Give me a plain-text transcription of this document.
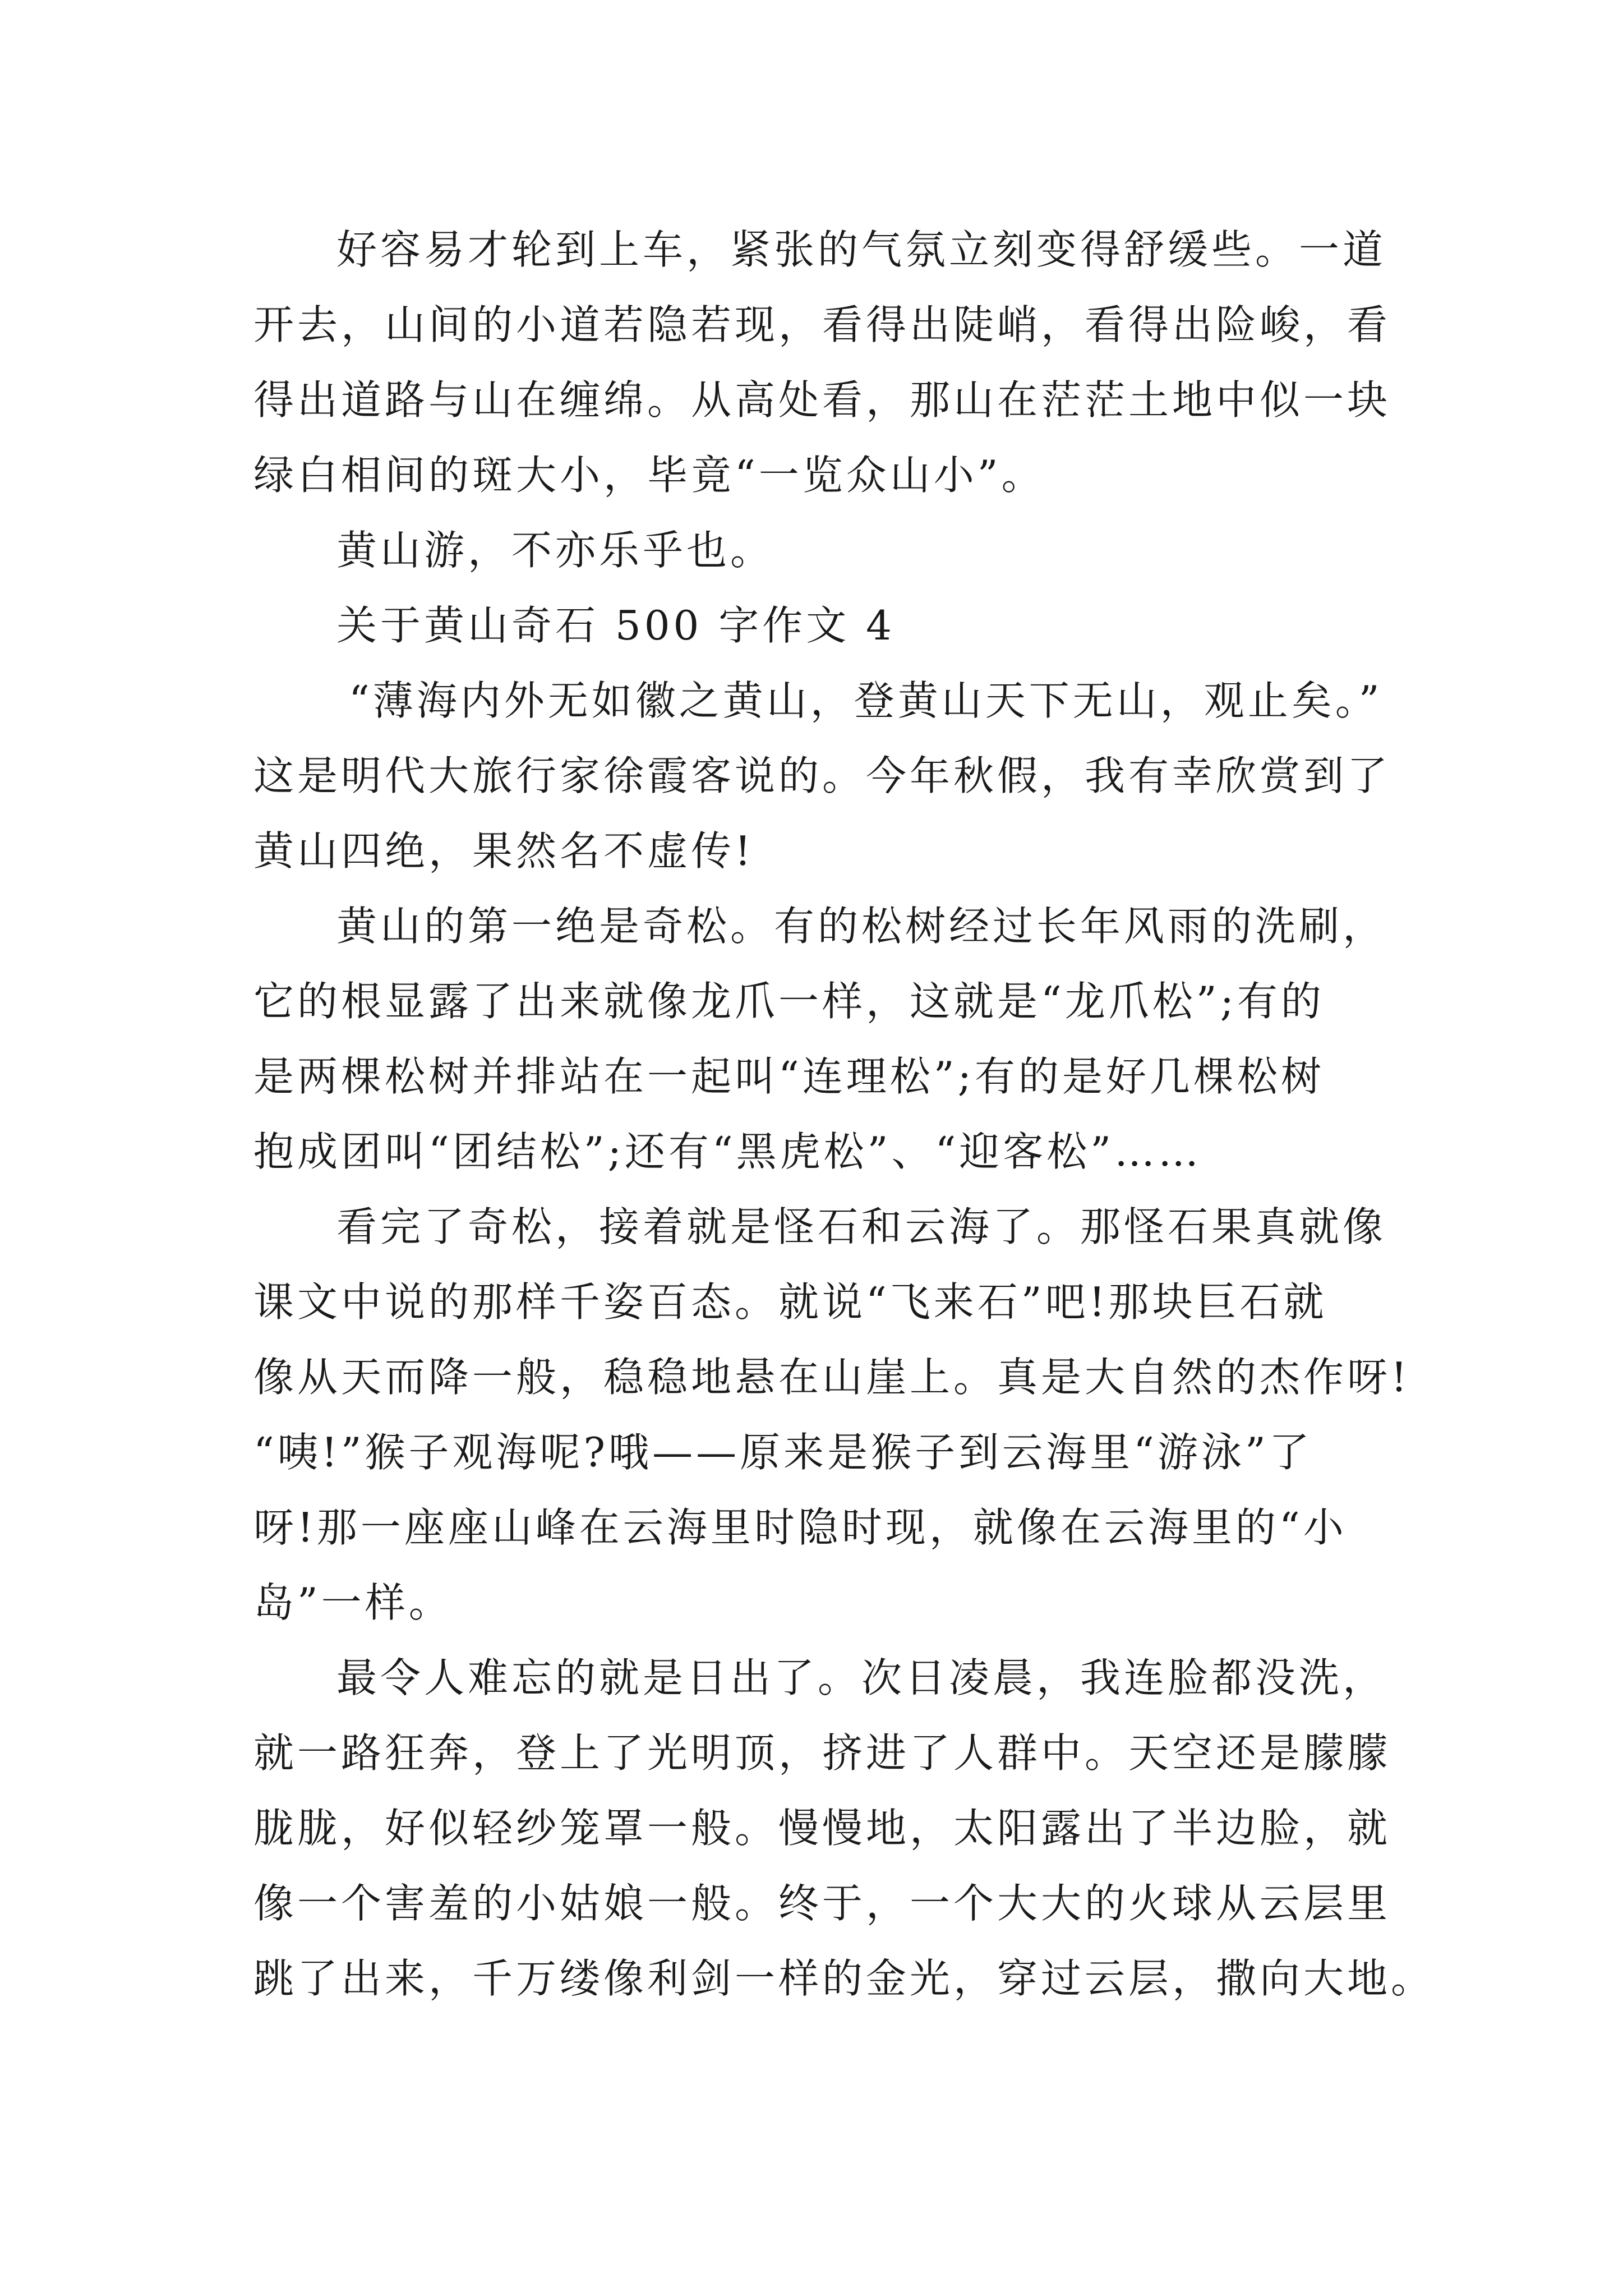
好容易才轮到上车，紧张的气氛立刻变得舒缓些。一道
开去，山间的小道若隐若现，看得出陡峭，看得出险峻，看
得出道路与山在缠绵。从高处看，那山在茫茫土地中似一块
绿白相间的斑大小，毕竟“一览众山小”。
黄山游，不亦乐乎也。
关于黄山奇石 500 字作文 4
“薄海内外无如徽之黄山，登黄山天下无山，观止矣。”
这是明代大旅行家徐霞客说的。今年秋假，我有幸欣赏到了
黄山四绝，果然名不虚传!
黄山的第一绝是奇松。有的松树经过长年风雨的洗刷，
它的根显露了出来就像龙爪一样，这就是“龙爪松”;有的
是两棵松树并排站在一起叫“连理松”;有的是好几棵松树
抱成团叫“团结松”;还有“黑虎松”、“迎客松”……
看完了奇松，接着就是怪石和云海了。那怪石果真就像
课文中说的那样千姿百态。就说“飞来石”吧!那块巨石就
像从天而降一般，稳稳地悬在山崖上。真是大自然的杰作呀!
“咦!”猴子观海呢?哦——原来是猴子到云海里“游泳”了
呀!那一座座山峰在云海里时隐时现，就像在云海里的“小
岛”一样。
最令人难忘的就是日出了。次日凌晨，我连脸都没洗，
就一路狂奔，登上了光明顶，挤进了人群中。天空还是朦朦
胧胧，好似轻纱笼罩一般。慢慢地，太阳露出了半边脸，就
像一个害羞的小姑娘一般。终于，一个大大的火球从云层里
跳了出来，千万缕像利剑一样的金光，穿过云层，撒向大地。
